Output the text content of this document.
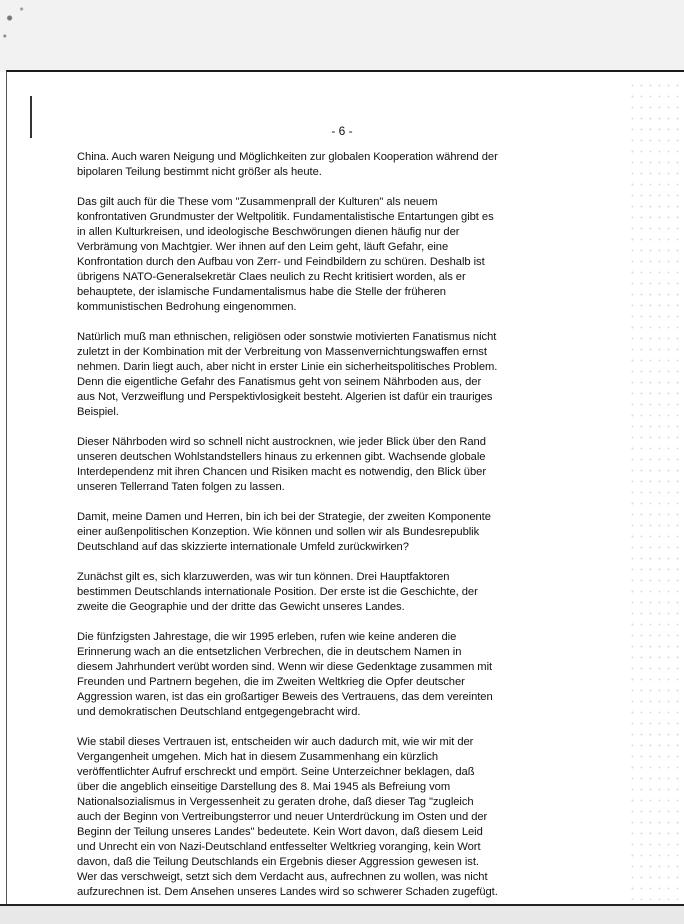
- 6 -
China. Auch waren Neigung und Möglichkeiten zur globalen Kooperation während der
bipolaren Teilung bestimmt nicht größer als heute.
Das gilt auch für die These vom "Zusammenprall der Kulturen" als neuem
konfrontativen Grundmuster der Weltpolitik. Fundamentalistische Entartungen gibt es
in allen Kulturkreisen, und ideologische Beschwörungen dienen häufig nur der
Verbrämung von Machtgier. Wer ihnen auf den Leim geht, läuft Gefahr, eine
Konfrontation durch den Aufbau von Zerr- und Feindbildern zu schüren. Deshalb ist
übrigens NATO-Generalsekretär Claes neulich zu Recht kritisiert worden, als er
behauptete, der islamische Fundamentalismus habe die Stelle der früheren
kommunistischen Bedrohung eingenommen.
Natürlich muß man ethnischen, religiösen oder sonstwie motivierten Fanatismus nicht
zuletzt in der Kombination mit der Verbreitung von Massenvernichtungswaffen ernst
nehmen. Darin liegt auch, aber nicht in erster Linie ein sicherheitspolitisches Problem.
Denn die eigentliche Gefahr des Fanatismus geht von seinem Nährboden aus, der
aus Not, Verzweiflung und Perspektivlosigkeit besteht. Algerien ist dafür ein trauriges
Beispiel.
Dieser Nährboden wird so schnell nicht austrocknen, wie jeder Blick über den Rand
unseren deutschen Wohlstandstellers hinaus zu erkennen gibt. Wachsende globale
Interdependenz mit ihren Chancen und Risiken macht es notwendig, den Blick über
unseren Tellerrand Taten folgen zu lassen.
Damit, meine Damen und Herren, bin ich bei der Strategie, der zweiten Komponente
einer außenpolitischen Konzeption. Wie können und sollen wir als Bundesrepublik
Deutschland auf das skizzierte internationale Umfeld zurückwirken?
Zunächst gilt es, sich klarzuwerden, was wir tun können. Drei Hauptfaktoren
bestimmen Deutschlands internationale Position. Der erste ist die Geschichte, der
zweite die Geographie und der dritte das Gewicht unseres Landes.
Die fünfzigsten Jahrestage, die wir 1995 erleben, rufen wie keine anderen die
Erinnerung wach an die entsetzlichen Verbrechen, die in deutschem Namen in
diesem Jahrhundert verübt worden sind. Wenn wir diese Gedenktage zusammen mit
Freunden und Partnern begehen, die im Zweiten Weltkrieg die Opfer deutscher
Aggression waren, ist das ein großartiger Beweis des Vertrauens, das dem vereinten
und demokratischen Deutschland entgegengebracht wird.
Wie stabil dieses Vertrauen ist, entscheiden wir auch dadurch mit, wie wir mit der
Vergangenheit umgehen. Mich hat in diesem Zusammenhang ein kürzlich
veröffentlichter Aufruf erschreckt und empört. Seine Unterzeichner beklagen, daß
über die angeblich einseitige Darstellung des 8. Mai 1945 als Befreiung vom
Nationalsozialismus in Vergessenheit zu geraten drohe, daß dieser Tag "zugleich
auch der Beginn von Vertreibungsterror und neuer Unterdrückung im Osten und der
Beginn der Teilung unseres Landes" bedeutete. Kein Wort davon, daß diesem Leid
und Unrecht ein von Nazi-Deutschland entfesselter Weltkrieg voranging, kein Wort
davon, daß die Teilung Deutschlands ein Ergebnis dieser Aggression gewesen ist.
Wer das verschweigt, setzt sich dem Verdacht aus, aufrechnen zu wollen, was nicht
aufzurechnen ist. Dem Ansehen unseres Landes wird so schwerer Schaden zugefügt.
